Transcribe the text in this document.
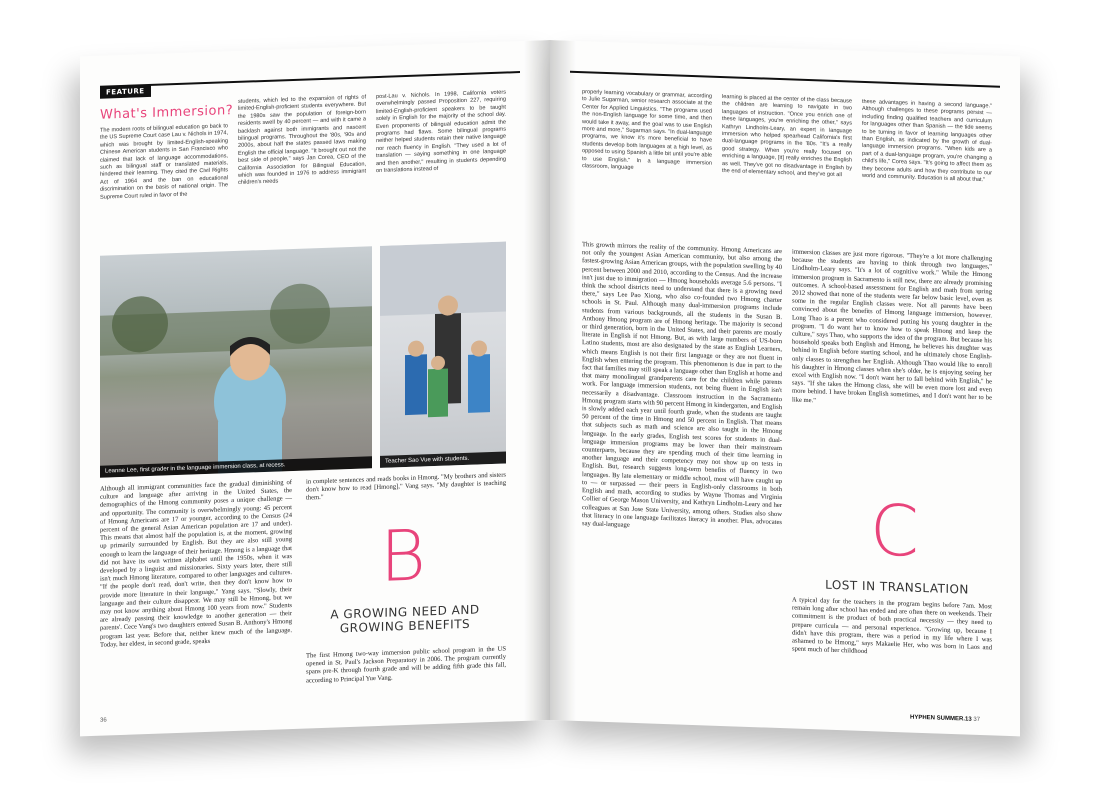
FEATURE
What's Immersion?
The modern roots of bilingual education go back to the US Supreme Court case Lau v. Nichols in 1974, which was brought by limited-English-speaking Chinese American students in San Francisco who claimed that lack of language accommodations, such as bilingual staff or translated materials, hindered their learning. They cited the Civil Rights Act of 1964 and the ban on educational discrimination on the basis of national origin. The Supreme Court ruled in favor of the
students, which led to the expansion of rights of limited-English-proficient students everywhere. But the 1980s saw the population of foreign-born residents swell by 40 percent — and with it came a backlash against both immigrants and nascent bilingual programs. Throughout the '80s, '90s and 2000s, about half the states passed laws making English the official language. "It brought out not the best side of people," says Jan Corea, CEO of the California Association for Bilingual Education, which was founded in 1976 to address immigrant children's needs
post-Lau v. Nichols. In 1998, California voters overwhelmingly passed Proposition 227, requiring limited-English-proficient speakers to be taught solely in English for the majority of the school day. Even proponents of bilingual education admit the programs had flaws. Some bilingual programs neither helped students retain their native language nor reach fluency in English. "They used a lot of translation — saying something in one language and then another," resulting in students depending on translations instead of
Leanne Lee, first grader in the language immersion class, at recess.
Teacher Sao Vue with students.
Although all immigrant communities face the gradual diminishing of culture and language after arriving in the United States, the demographics of the Hmong community poses a unique challenge — and opportunity. The community is overwhelmingly young: 45 percent of Hmong Americans are 17 or younger, according to the Census (24 percent of the general Asian American population are 17 and under). This means that almost half the population is, at the moment, growing up primarily surrounded by English. But they are also still young enough to learn the language of their heritage. Hmong is a language that did not have its own written alphabet until the 1950s, when it was developed by a linguist and missionaries. Sixty years later, there still isn't much Hmong literature, compared to other languages and cultures. "If the people don't read, don't write, then they don't know how to provide more literature in their language," Yang says. "Slowly, their language and their culture disappear. We may still be Hmong, but we may not know anything about Hmong 100 years from now." Students are already passing their knowledge to another generation — their parents'. Cece Vang's two daughters entered Susan B. Anthony's Hmong program last year. Before that, neither knew much of the language. Today, her eldest, in second grade, speaks
in complete sentences and reads books in Hmong. "My brothers and sisters don't know how to read [Hmong]," Vang says. "My daughter is teaching them."
B
A GROWING NEED AND GROWING BENEFITS
The first Hmong two-way immersion public school program in the US opened in St. Paul's Jackson Preparatory in 2006. The program currently spans pre-K through fourth grade and will be adding fifth grade this fall, according to Principal Yue Vang.
36
properly learning vocabulary or grammar, according to Julie Sugarman, senior research associate at the Center for Applied Linguistics. "The programs used the non-English language for some time, and then would take it away, and the goal was to use English more and more," Sugarman says. "In dual-language programs, we know it's more beneficial to have students develop both languages at a high level, as opposed to using Spanish a little bit until you're able to use English." In a language immersion classroom, language
learning is placed at the center of the class because the children are learning to navigate in two languages of instruction. "Once you enrich one of these languages, you're enriching the other," says Kathryn Lindholm-Leary, an expert in language immersion who helped spearhead California's first dual-language programs in the '80s. "It's a really good strategy. When you're really focused on enriching a language, [it] really enriches the English as well. They've got no disadvantage in English by the end of elementary school, and they've got all
these advantages in having a second language." Although challenges to these programs persist — including finding qualified teachers and curriculum for languages other than Spanish — the tide seems to be turning in favor of learning languages other than English, as indicated by the growth of dual-language immersion programs. "When kids are a part of a dual-language program, you're changing a child's life," Corea says. "It's going to affect them as they become adults and how they contribute to our world and community. Education is all about that."
This growth mirrors the reality of the community. Hmong Americans are not only the youngest Asian American community, but also among the fastest-growing Asian American groups, with the population swelling by 40 percent between 2000 and 2010, according to the Census. And the increase isn't just due to immigration — Hmong households average 5.6 persons. "I think the school districts need to understand that there is a growing need there," says Lee Pao Xiong, who also co-founded two Hmong charter schools in St. Paul. Although many dual-immersion programs include students from various backgrounds, all the students in the Susan B. Anthony Hmong program are of Hmong heritage. The majority is second or third generation, born in the United States, and their parents are mostly literate in English if not Hmong. But, as with large numbers of US-born Latino students, most are also designated by the state as English Learners, which means English is not their first language or they are not fluent in English when entering the program. This phenomenon is due in part to the fact that families may still speak a language other than English at home and that many monolingual grandparents care for the children while parents work. For language immersion students, not being fluent in English isn't necessarily a disadvantage. Classroom instruction in the Sacramento Hmong program starts with 90 percent Hmong in kindergarten, and English is slowly added each year until fourth grade, when the students are taught 50 percent of the time in Hmong and 50 percent in English. That means that subjects such as math and science are also taught in the Hmong language. In the early grades, English test scores for students in dual-language immersion programs may be lower than their mainstream counterparts, because they are spending much of their time learning in another language and their competency may not show up on tests in English. But, research suggests long-term benefits of fluency in two languages. By late elementary or middle school, most will have caught up to — or surpassed — their peers in English-only classrooms in both English and math, according to studies by Wayne Thomas and Virginia Collier of George Mason University, and Kathryn Lindholm-Leary and her colleagues at San Jose State University, among others. Studies also show that literacy in one language facilitates literacy in another. Plus, advocates say dual-language
immersion classes are just more rigorous. "They're a lot more challenging because the students are having to think through two languages," Lindholm-Leary says. "It's a lot of cognitive work." While the Hmong immersion program in Sacramento is still new, there are already promising outcomes. A school-based assessment for English and math from spring 2012 showed that none of the students were far below basic level, even as some in the regular English classes were. Not all parents have been convinced about the benefits of Hmong language immersion, however. Long Thao is a parent who considered putting his young daughter in the program. "I do want her to know how to speak Hmong and keep the culture," says Thao, who supports the idea of the program. But because his household speaks both English and Hmong, he believes his daughter was behind in English before starting school, and he ultimately chose English-only classes to strengthen her English. Although Thao would like to enroll his daughter in Hmong classes when she's older, he is enjoying seeing her excel with English now. "I don't want her to fall behind with English," he says. "If she takes the Hmong class, she will be even more lost and even more behind. I have broken English sometimes, and I don't want her to be like me."
C
LOST IN TRANSLATION
A typical day for the teachers in the program begins before 7am. Most remain long after school has ended and are often there on weekends. Their commitment is the product of both practical necessity — they need to prepare curricula — and personal experience. "Growing up, because I didn't have this program, there was a period in my life where I was ashamed to be Hmong," says Makaelie Her, who was born in Laos and spent much of her childhood
HYPHEN SUMMER.13 37
